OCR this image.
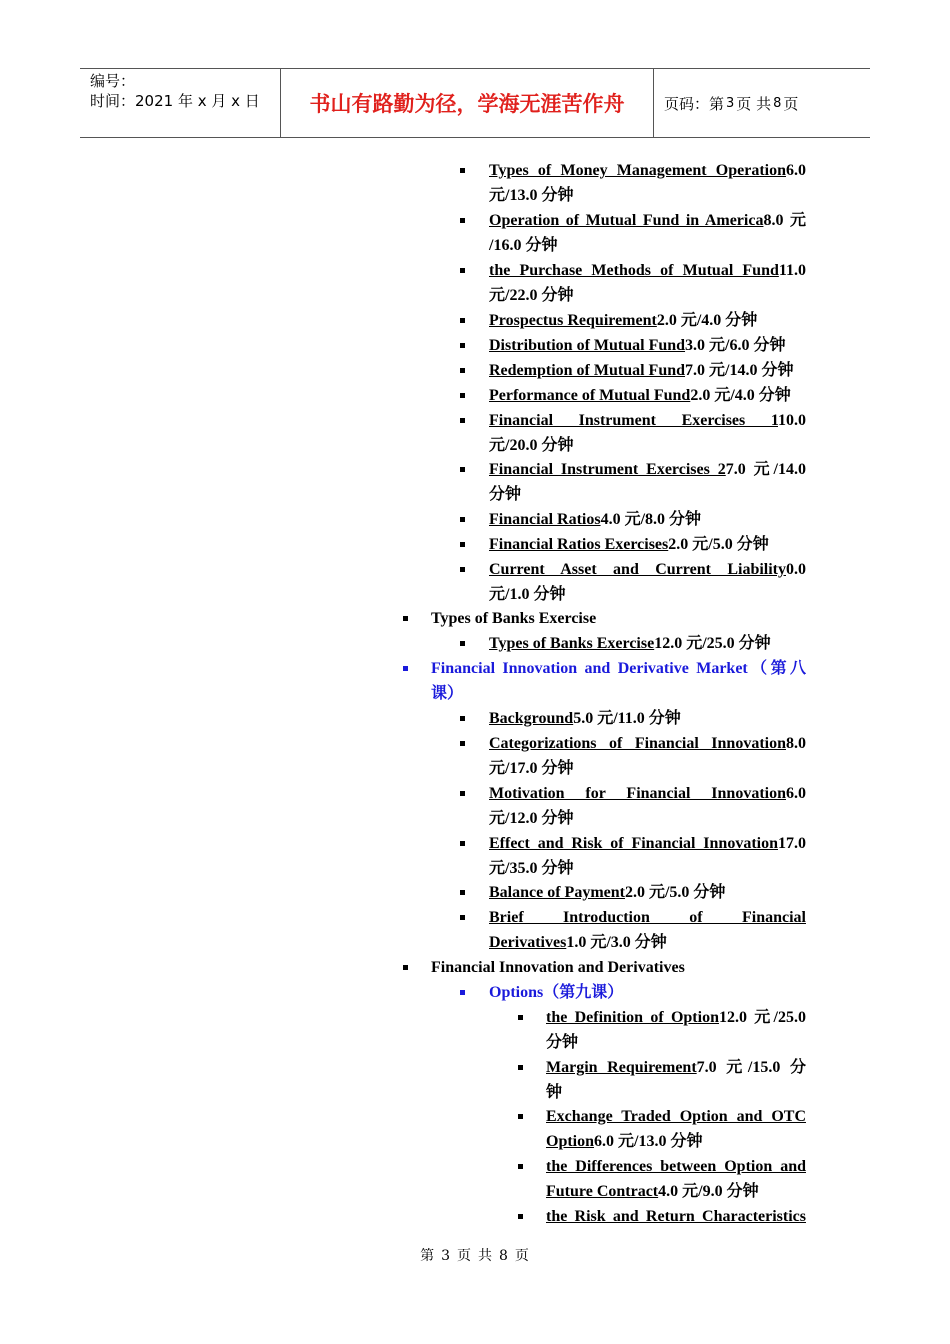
编号：
时间：2021 年 x 月 x 日	书山有路勤为径，学海无涯苦作舟	页码：第 3 页 共 8 页
Types of Money Management Operation6.0
元/13.0 分钟
Operation of Mutual Fund in America8.0 元
/16.0 分钟
the Purchase Methods of Mutual Fund11.0
元/22.0 分钟
Prospectus Requirement2.0 元/4.0 分钟
Distribution of Mutual Fund3.0 元/6.0 分钟
Redemption of Mutual Fund7.0 元/14.0 分钟
Performance of Mutual Fund2.0 元/4.0 分钟
Financial Instrument Exercises 110.0
元/20.0 分钟
Financial Instrument Exercises 27.0 元/14.0
分钟
Financial Ratios4.0 元/8.0 分钟
Financial Ratios Exercises2.0 元/5.0 分钟
Current Asset and Current Liability0.0
元/1.0 分钟
Types of Banks Exercise
Types of Banks Exercise12.0 元/25.0 分钟
Financial Innovation and Derivative Market（第八
课）
Background5.0 元/11.0 分钟
Categorizations of Financial Innovation8.0
元/17.0 分钟
Motivation for Financial Innovation6.0
元/12.0 分钟
Effect and Risk of Financial Innovation17.0
元/35.0 分钟
Balance of Payment2.0 元/5.0 分钟
Brief Introduction of Financial
Derivatives1.0 元/3.0 分钟
Financial Innovation and Derivatives
Options（第九课）
the Definition of Option12.0 元/25.0
分钟
Margin Requirement7.0 元/15.0 分
钟
Exchange Traded Option and OTC
Option6.0 元/13.0 分钟
the Differences between Option and
Future Contract4.0 元/9.0 分钟
the Risk and Return Characteristics
第 3 页 共 8 页
